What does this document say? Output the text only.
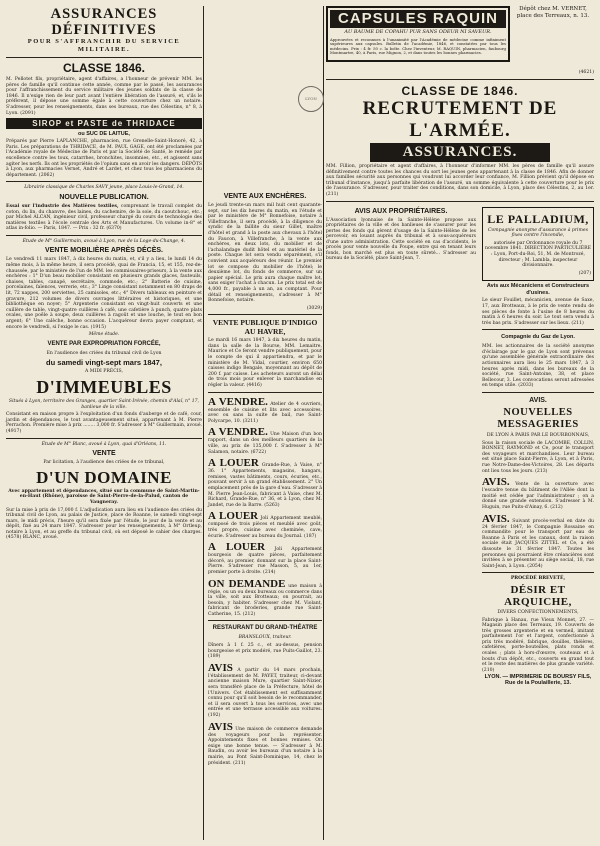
ASSURANCES DÉFINITIVES
POUR S'AFFRANCHIR DU SERVICE MILITAIRE.
CLASSE 1846.
M. Pellotet fils, propriétaire, agent d'affaires, a l'honneur de prévenir MM. les pères de famille qu'il continue cette année, comme par le passé, les assurances pour l'affranchissement du service militaire des jeunes soldats de la classe de 1846. Il n'exige rien de leur part avant l'entière libération de l'assuré, et, s'ils le préfèrent, il dépose une somme égale à cette couverture chez un notaire. S'adresser, pour les renseignements, dans ses bureaux, rue des Célestins, n° 8, à Lyon. (2091)
SIROP et PASTE de THRIDACE
ou SUC DE LAITUE,
Préparés par Pierre LAPLANCHE, pharmacien, rue Grenelle-Saint-Honoré, 42, à Paris. Les préparations de THRIDACE, de M. PAUL GAGE, ont été proclamées par l'Académie royale de Médecine de Paris et par la Société de Santé, le remède par excellence contre les toux, catarrhes, bronchites, insomnies, etc., et agissent sans agiter les nerfs. Ils ont les propriétés de l'opium sans en avoir les dangers. DÉPÔTS à Lyon, aux pharmacies Vernet, André et Lardet, et chez tous les pharmaciens du département. (2062)
Librairie classique de Charles SAVY jeune, place Louis-le-Grand, 14.
NOUVELLE PUBLICATION.
Essai sur l'industrie des Matières textiles, comprenant le travail complet du coton, du lin, du chanvre, des laines, du cachemire, de la soie, du caoutchouc, etc.; par Michel ALCAN, ingénieur civil, professeur chargé du cours de technologie des matières textiles à l'école centrale des Arts et Manufactures. Un volume in-8° et atlas in-folio. — Paris, 1847. — Prix : 32 fr. (6370)
Étude de M° Guillermain, avoué à Lyon, rue de la Loge-du-Change, 4.
VENTE MOBILIÈRE APRÈS DÉCÈS.
Le vendredi 11 mars 1847, à dix heures du matin, et, s'il y a lieu, le lundi 14 du même mois, à la même heure, il sera procédé, quai de Francia, 15, et 155, rez-de-chaussée, par le ministère de l'un de MM. les commissaires-priseurs, à la vente aux enchères : 1° D'un beau mobilier consistant en plusieurs grands glaces, fauteuils, chaises, tables, canapé, secrétaire, commode, etc.; 2° Batterie de cuisine, porcelaines, faïences, verrerie, etc.; 3° Linge consistant notamment en 80 draps de lit, 72 nappes, 200 serviettes, 25 camisoles, etc.; 4° Divers tableaux en peinture et gravure, 212 volumes de divers ouvrages littéraires et historiques, et une bibliothèque en noyer; 5° Argenterie consistant en vingt-huit couverts et une cuillère de table, vingt-quatre cuillères à café, une cafetière à punch, quatre plats ovales, une poêle à soupe, deux cuillères à ragoût et une louche, le tout en bon argent; 6° Une calèche, bonne occasion. L'acquéreur devra payer comptant, et encore le vendredi, si l'exige le cas. (1915)
Même étude.
VENTE PAR EXPROPRIATION FORCÉE,
En l'audience des criées du tribunal civil de Lyon
du samedi vingt-sept mars 1847,
A MIDI PRÉCIS,
D'IMMEUBLES
Situés à Lyon, territoire des Granges, quartier Saint-Irénée, chemin d'Alaï, n° 17, banlieue de la ville.
Consistant en maison propre à l'exploitation d'un fonds d'auberge et de café, cour, jardin et dépendances, le tout avantageusement situé, appartenant à M. Pierre Perrachon. Première mise à prix ........ 3,000 fr. S'adresser à M° Guillermain, avoué. (4917)
Étude de M° Blanc, avoué à Lyon, quai d'Orléans, 11.
VENTE
Par licitation, à l'audience des criées de ce tribunal,
D'UN DOMAINE
Avec appartement et dépendances, situé sur la commune de Saint-Martin-en-Haut (Rhône), paroisse de Saint-Pierre-de-la-Palud, canton de Vaugneray.
Sur la mise à prix de 17,000 f. L'adjudication aura lieu en l'audience des criées du tribunal civil de Lyon, au palais de Justice, place de Roanne, le samedi vingt-sept mars, le midi précis, l'heure qu'il sera fixée par l'étude, le jour de la vente et au dépôt, fixé au 24 mars 1847. S'adresser pour les renseignements, à M° Ortleup, notaire à Lyon, et au greffe du tribunal civil, où est déposé le cahier des charges. (4578) BLANC, avoué.
VENTE AUX ENCHÈRES.
Le jeudi trente-un mars mil huit cent quarante-sept, sur les dix heures du matin, en l'étude et par le ministère de M° Bonnefoise, notaire à Villefranche, il sera procédé, à la diligence du syndic de la faillite du sieur Gillet, maître d'hôtel et grand à la poste aux chevaux à l'hôtel du Faucon, à Villefranche, à la vente aux enchères, en deux lots, du mobilier et de l'achalandage dudit hôtel et au matériel de la poste. Chaque lot sera vendu séparément, s'il convient aux acquéreurs des réunir. Le premier lot se compose du mobilier de l'hôtel; le deuxième lot, du fonds de commerce, sur un papier spécial. Le prix aura chaque maître lot, sans exiger l'achat à chacun. Le prix total est de 4,000 fr., payable à un an, au comptant. Pour détail et renseignements, s'adresser à M° Bonnefoise, notaire.
(3029)
VENTE PUBLIQUE D'INDIGO AU HAVRE,
Le mardi 16 mars 1847, à dix heures du matin, dans la salle de la Bourse, MM. Lemaitre, Maurice et Ce feront vendre publiquement, pour le compte de qui il appartiendra, et par le ministère de M. Vidal, courtier, environ 650 caisses indigo Bengale, moyennant au dépôt de 200 f. par caisse. Les acheteurs auront un délai de trois mois pour enlever la marchandise en régler la valeur. (4416)
A VENDRE. Atelier de 4 ouvriers, ensemble de cuisine et lits avec accessoires, avec ou sans la suite de bail, rue Saint-Polycarpe, 10. (3211)
A VENDRE. Une Maison d'un bon rapport, dans un des meilleurs quartiers de la ville, au prix de 135,000 f. S'adresser à M° Salamon, notaire. (6722)
A LOUER Grande-Rue, à Vaise, n° 36. 1° Appartements, magasins, hangars, remises, vastes bâtiments, cours, écuries, etc., pouvant servir à un grand établissement. 2° Un emplacement près de la gare d'eau. S'adresser à M. Pierre Jean-Louis, fabricant à Vaise, chez M. Richard, Grande-Rue, n° 36, et à Lyon, chez M. Jandet, rue de la Barre. (5263)
A LOUER Joli Appartement meublé, composé de trois pièces et meublé avec goût, très propre, cuisine avec cheminée, cave, écurie. S'adresser au bureau du Journal. (187)
A LOUER Joli Appartement bourgeois de quatre pièces, parfaitement décoré, au premier, donnant sur la place Saint-Pierre. S'adresser rue Masson, 5, au 1er, premier porte à droite. (214)
ON DEMANDE une maison à régie, ou un ou deux bureaux ou commerce dans la ville, soit aux Brotteaux; on pourrait, au besoin, y habiter. S'adresser chez M. Violant, fabricant de broderies, grande rue Saint-Catherine, 15. (212)
RESTAURANT DU GRAND-THÉATRE
BRANSLOUX, traiteur.
Dîners à 1 f. 25 c., et au-dessus, pension bourgeoise et prix modéré, rue Puits-Gaillot, 23. (189)
AVIS A partir du 14 mars prochain, l'établissement de M. PAYET, traiteur, ci-devant ancienne maison Mure, quartier Saint-Nizier, sera transféré place de la Préfecture, hôtel de l'Univers. Cet établissement est suffisamment connu pour qu'il soit besoin de le recommander, et il sera ouvert à tous les services, avec une entrée et une terrasse accessible aux voitures. (192)
AVIS Une maison de commerce demande des voyageurs pour la représenter. Appointements fixes et bonnes remises. On exige une bonne tenue. — S'adresser à M. Baudin, ou avoir les bureaux d'un notaire à la mairie, au Pont Saint-Dominique, 14, chez le président. (211)
CAPSULES RAQUIN
AU BAUME DE COPAHU PUR SANS ODEUR NI SAVEUR.
Approuvées et reconnues à l'unanimité par l'Académie de médecine comme infiniment supérieures aux capsules. Bulletin de l'académie, 1846, et constatées par tous les médecins. Prix : 4 fr. 50 c. la boîte. Chez l'inventeur, M. RAQUIN, pharmacien, faubourg Montmartre, 40, à Paris, rue Mignon, 2, et dans toutes les bonnes pharmacies.
Dépôt chez M. VERNET, place des Terreaux, n. 13.
(4621)
CLASSE DE 1846.
RECRUTEMENT DE L'ARMÉE.
ASSURANCES.
MM. Fillion, propriétaire et agent d'affaires, à l'honneur d'informer MM. les pères de famille qu'il assure définitivement contre toutes les chances du sort les jeunes gens appartenant à la classe de 1846. Afin de donner aux familles sécurité aux personnes qui voudront lui accorder leur confiance, M. Fillion prévient qu'il dépose en tribunal d'instance, jusqu'à parfaite libération de l'assuré, un somme équivalente à cette couverture pour le prix de l'assurance. S'adresser, pour traiter des conditions, dans son domicile, à Lyon, place des Célestins, 2, au 1er. (211)
AVIS AUX PROPRIÉTAIRES.
L'Association lyonnaise de la Sainte-Hélène propose aux propriétaires de la ville et des banlieues de s'assurer pour les pertes des fonds qui gèrent d'usage de la Sainte-Hélène de les percevoir, en louant auprès du tribunal et à sous-acquéreurs d'une autre administration. Cette société en cas d'accidents, le procès pour vente nouvelle du Poupe, entre qui en tenant leurs fonds, bon marché est plus en toute sûreté... S'adresser au bureau de la Société, place Saint-Jean, 7.
LE PALLADIUM,
Compagnie anonyme d'assurance à primes fixes contre l'incendie,
autorisée par Ordonnance royale du 7 novembre 1841. DIRECTION PARTICULIÈRE : Lyon, Port-du-Roi, 51, M. de Montrozé, directeur ; M. Lambla, inspecteur divisionnaire.
(207)
Avis aux Mécaniciens et Constructeurs d'usines.
Le sieur Fouillet, mécanicien, avenue de Saxe, 17, aux Brotteaux, à le prix de vente rendu de ses pièces de fonte à l'usine de 8 heures du matin à 6 heures du soir. Le tout sera vendu à très bas prix. S'adresser sur les lieux. (211)
Compagnie du Gaz de Lyon.
MM. les actionnaires de la société anonyme d'éclairage par le gaz de Lyon sont prévenus qu'une assemblée générale extraordinaire des actionnaires aura lieu le 25 mars 1847, à 3 heures après midi, dans les bureaux de la société, rue Saint-Antoine, 38, et place Bellecour, 3. Les convocations seront adressées en temps utile. (2033)
AVIS.
NOUVELLES MESSAGERIES
DE LYON À PARIS PAR LE BOURBONNAIS,
Sous la raison sociale de LACOMBE, COLLIN, BONNET, RAYMOND et Ce, pour le transport des voyageurs et marchandises. Leur bureau est situé place Saint-Pierre, à Lyon, et à Paris, rue Notre-Dame-des-Victoires, 28. Les départs ont lieu tous les jours. (213)
AVIS. Vente de la ouverture avec l'escadre tenue du bâtiment de l'Allée dont la moitié est cédée par l'administrateur ; on a donné une grande extension. S'adresser à M. Huguin, rue Puits-d'Ainay, 6. (212)
AVIS. Suivant procès-verbal en date du 24 février 1847, le Compagnie Rossaine en commandite pour le transport par eau de Roanne à Paris et les canaux, dont la raison sociale était JACQUES ZITTEL et Ce, a été dissoute le 31 février 1847. Toutes les personnes qui pourraient être créancières sont invitées à se présenter au siège social, 18, rue Saint-Jean, à Lyon. (2054)
PROCÉDÉ BREVETÉ,
DÉSIR ET ARQUICHE,
DIVERS CONFECTIONNEMENTS,
Fabrique à Hanau, rue Vieux Monnet, 27. — Magasin place des Terreaux, 19. Couverts de très grosses argenterie et en vermeil, imitant parfaitement l'or et l'argent, confectionné à prix très modéré, fabrique, douilles, théières, cafetières, porte-bouteilles, plats ronds et ovales ; plats à hors-d'œuvre, couteaux et à bouts d'un dépôt, etc., couverts en grand tout et le reste des matières de plus grande variété. (210)
LYON. — IMPRIMERIE DE BOURSY FILS, Rue de la Poulaillerie, 13.
LYON
